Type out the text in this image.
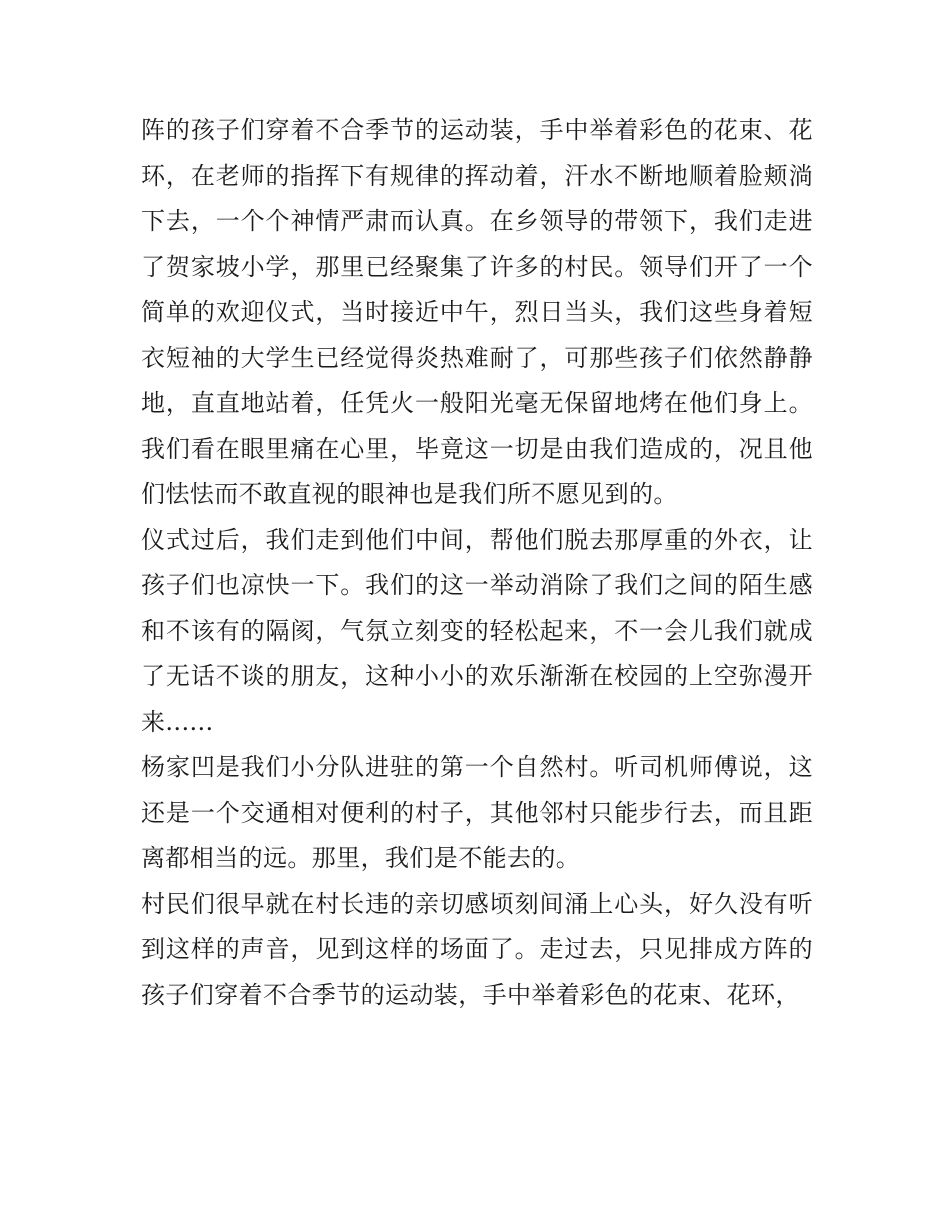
阵的孩子们穿着不合季节的运动装，手中举着彩色的花束、花环，在老师的指挥下有规律的挥动着，汗水不断地顺着脸颊淌下去，一个个神情严肃而认真。在乡领导的带领下，我们走进了贺家坡小学，那里已经聚集了许多的村民。领导们开了一个简单的欢迎仪式，当时接近中午，烈日当头，我们这些身着短衣短袖的大学生已经觉得炎热难耐了，可那些孩子们依然静静地，直直地站着，任凭火一般阳光毫无保留地烤在他们身上。我们看在眼里痛在心里，毕竟这一切是由我们造成的，况且他们怯怯而不敢直视的眼神也是我们所不愿见到的。

仪式过后，我们走到他们中间，帮他们脱去那厚重的外衣，让孩子们也凉快一下。我们的这一举动消除了我们之间的陌生感和不该有的隔阂，气氛立刻变的轻松起来，不一会儿我们就成了无话不谈的朋友，这种小小的欢乐渐渐在校园的上空弥漫开来......

杨家凹是我们小分队进驻的第一个自然村。听司机师傅说，这还是一个交通相对便利的村子，其他邻村只能步行去，而且距离都相当的远。那里，我们是不能去的。

村民们很早就在村长违的亲切感顷刻间涌上心头，好久没有听到这样的声音，见到这样的场面了。走过去，只见排成方阵的孩子们穿着不合季节的运动装，手中举着彩色的花束、花环，
